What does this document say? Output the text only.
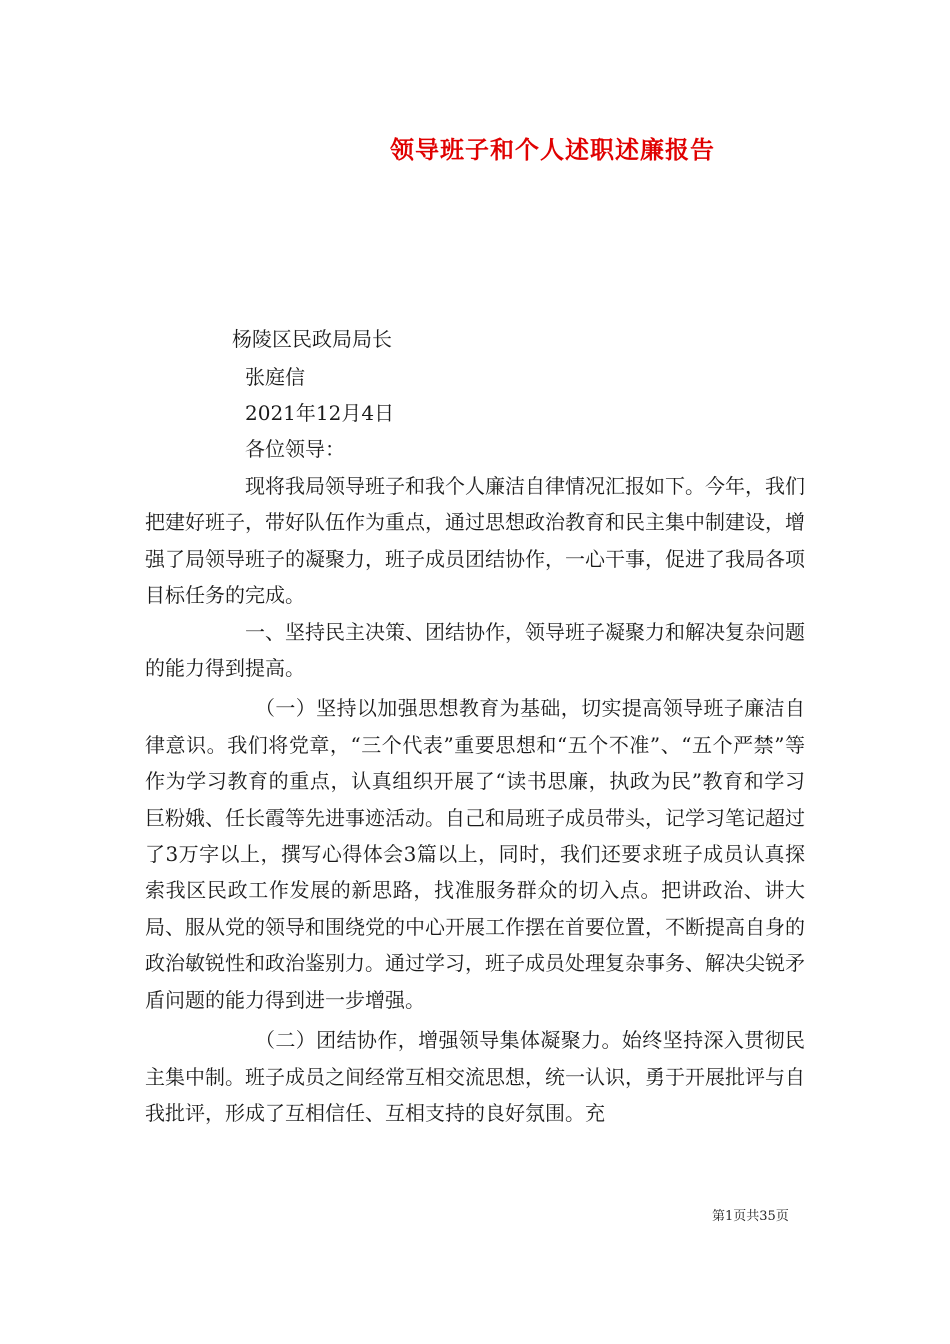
领导班子和个人述职述廉报告
杨陵区民政局局长
张庭信
2021年12月4日
各位领导：

现将我局领导班子和我个人廉洁自律情况汇报如下。今年，我们把建好班子，带好队伍作为重点，通过思想政治教育和民主集中制建设，增强了局领导班子的凝聚力，班子成员团结协作，一心干事，促进了我局各项目标任务的完成。

一、坚持民主决策、团结协作，领导班子凝聚力和解决复杂问题的能力得到提高。

（一）坚持以加强思想教育为基础，切实提高领导班子廉洁自律意识。我们将党章，“三个代表”重要思想和“五个不准”、“五个严禁”等作为学习教育的重点，认真组织开展了“读书思廉，执政为民”教育和学习巨粉娥、任长霞等先进事迹活动。自己和局班子成员带头，记学习笔记超过了3万字以上，撰写心得体会3篇以上，同时，我们还要求班子成员认真探索我区民政工作发展的新思路，找准服务群众的切入点。把讲政治、讲大局、服从党的领导和围绕党的中心开展工作摆在首要位置，不断提高自身的政治敏锐性和政治鉴别力。通过学习，班子成员处理复杂事务、解决尖锐矛盾问题的能力得到进一步增强。

（二）团结协作，增强领导集体凝聚力。始终坚持深入贯彻民主集中制。班子成员之间经常互相交流思想，统一认识，勇于开展批评与自我批评，形成了互相信任、互相支持的良好氛围。充

第1页共35页
